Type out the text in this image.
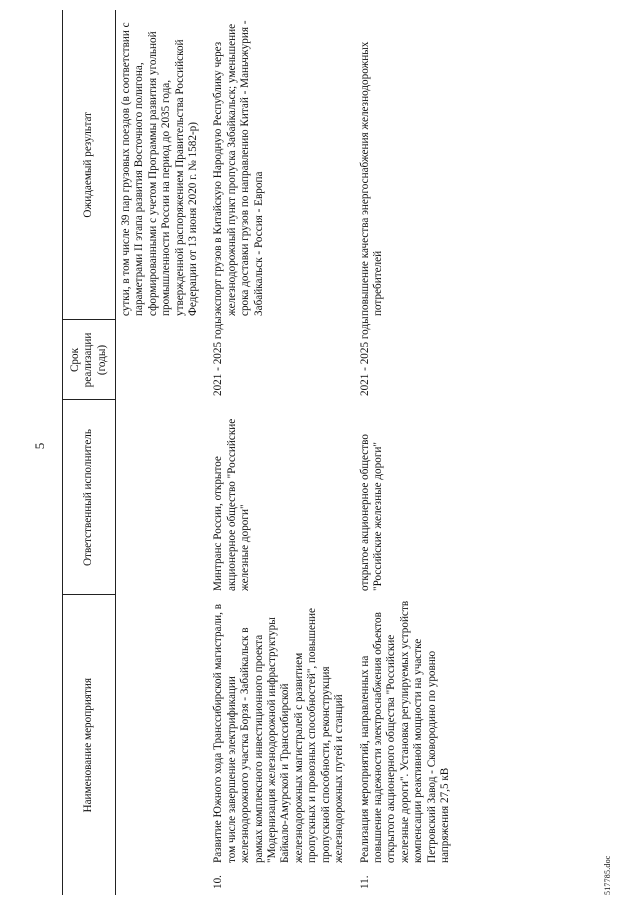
5
Наименование мероприятия	Ответственный исполнитель	Срок реализации (годы)	Ожидаемый результат
			сутки, в том числе 39 пар грузовых поездов (в соответствии с параметрами II этапа развития Восточного полигона, сформированными с учетом Программы развития угольной промышленности России на период до 2035 года, утвержденной распоряжением Правительства Российской Федерации от 13 июня 2020 г. № 1582-р)

10.
Развитие Южного хода Транссибирской магистрали, в том числе завершение электрификации железнодорожного участка Борзя - Забайкальск в рамках комплексного инвестиционного проекта "Модернизация железнодорожной инфраструктуры Байкало-Амурской и Транссибирской железнодорожных магистралей с развитием пропускных и провозных способностей", повышение пропускной способности, реконструкция железнодорожных путей и станций	Минтранс России, открытое акционерное общество "Российские железные дороги"	2021 - 2025 годы	экспорт грузов в Китайскую Народную Республику через железнодорожный пункт пропуска Забайкальск; уменьшение срока доставки грузов по направлению Китай - Маньчжурия - Забайкальск - Россия - Европа

11.
Реализация мероприятий, направленных на повышение надежности электроснабжения объектов открытого акционерного общества "Российские железные дороги". Установка регулируемых устройств компенсации реактивной мощности на участке Петровский Завод - Сковородино по уровню напряжения 27,5 кВ	открытое акционерное общество "Российские железные дороги"	2021 - 2025 годы	повышение качества энергоснабжения железнодорожных потребителей
517785.doc
